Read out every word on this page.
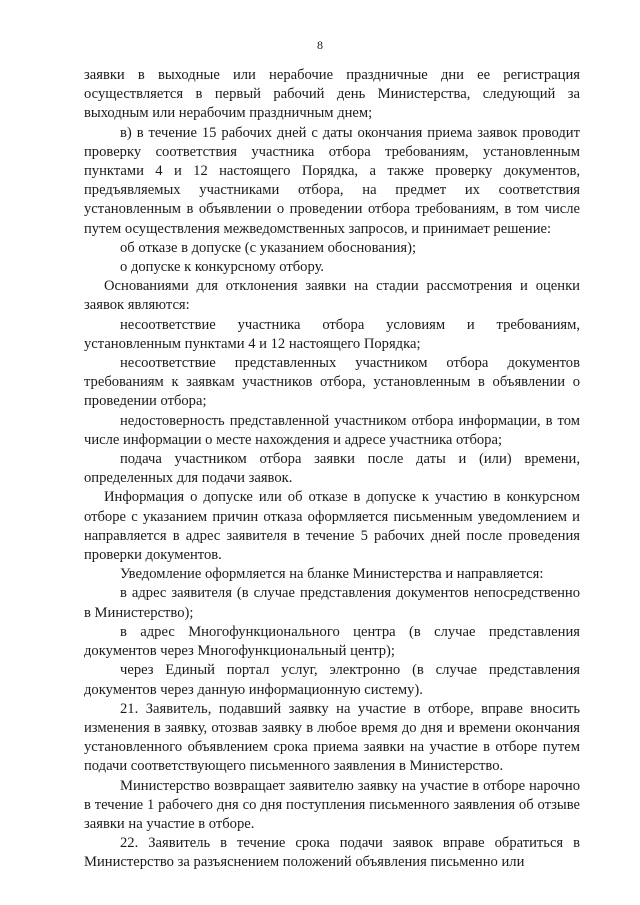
8

заявки в выходные или нерабочие праздничные дни ее регистрация осуществляется в первый рабочий день Министерства, следующий за выходным или нерабочим праздничным днем;

в) в течение 15 рабочих дней с даты окончания приема заявок проводит проверку соответствия участника отбора требованиям, установленным пунктами 4 и 12 настоящего Порядка, а также проверку документов, предъявляемых участниками отбора, на предмет их соответствия установленным в объявлении о проведении отбора требованиям, в том числе путем осуществления межведомственных запросов, и принимает решение:

об отказе в допуске (с указанием обоснования);

о допуске к конкурсному отбору.

Основаниями для отклонения заявки на стадии рассмотрения и оценки заявок являются:

несоответствие участника отбора условиям и требованиям, установленным пунктами 4 и 12 настоящего Порядка;

несоответствие представленных участником отбора документов требованиям к заявкам участников отбора, установленным в объявлении о проведении отбора;

недостоверность представленной участником отбора информации, в том числе информации о месте нахождения и адресе участника отбора;

подача участником отбора заявки после даты и (или) времени, определенных для подачи заявок.

Информация о допуске или об отказе в допуске к участию в конкурсном отборе с указанием причин отказа оформляется письменным уведомлением и направляется в адрес заявителя в течение 5 рабочих дней после проведения проверки документов.

Уведомление оформляется на бланке Министерства и направляется:

в адрес заявителя (в случае представления документов непосредственно в Министерство);

в адрес Многофункционального центра (в случае представления документов через Многофункциональный центр);

через Единый портал услуг, электронно (в случае представления документов через данную информационную систему).

21. Заявитель, подавший заявку на участие в отборе, вправе вносить изменения в заявку, отозвав заявку в любое время до дня и времени окончания установленного объявлением срока приема заявки на участие в отборе путем подачи соответствующего письменного заявления в Министерство.

Министерство возвращает заявителю заявку на участие в отборе нарочно в течение 1 рабочего дня со дня поступления письменного заявления об отзыве заявки на участие в отборе.

22. Заявитель в течение срока подачи заявок вправе обратиться в Министерство за разъяснением положений объявления письменно или
